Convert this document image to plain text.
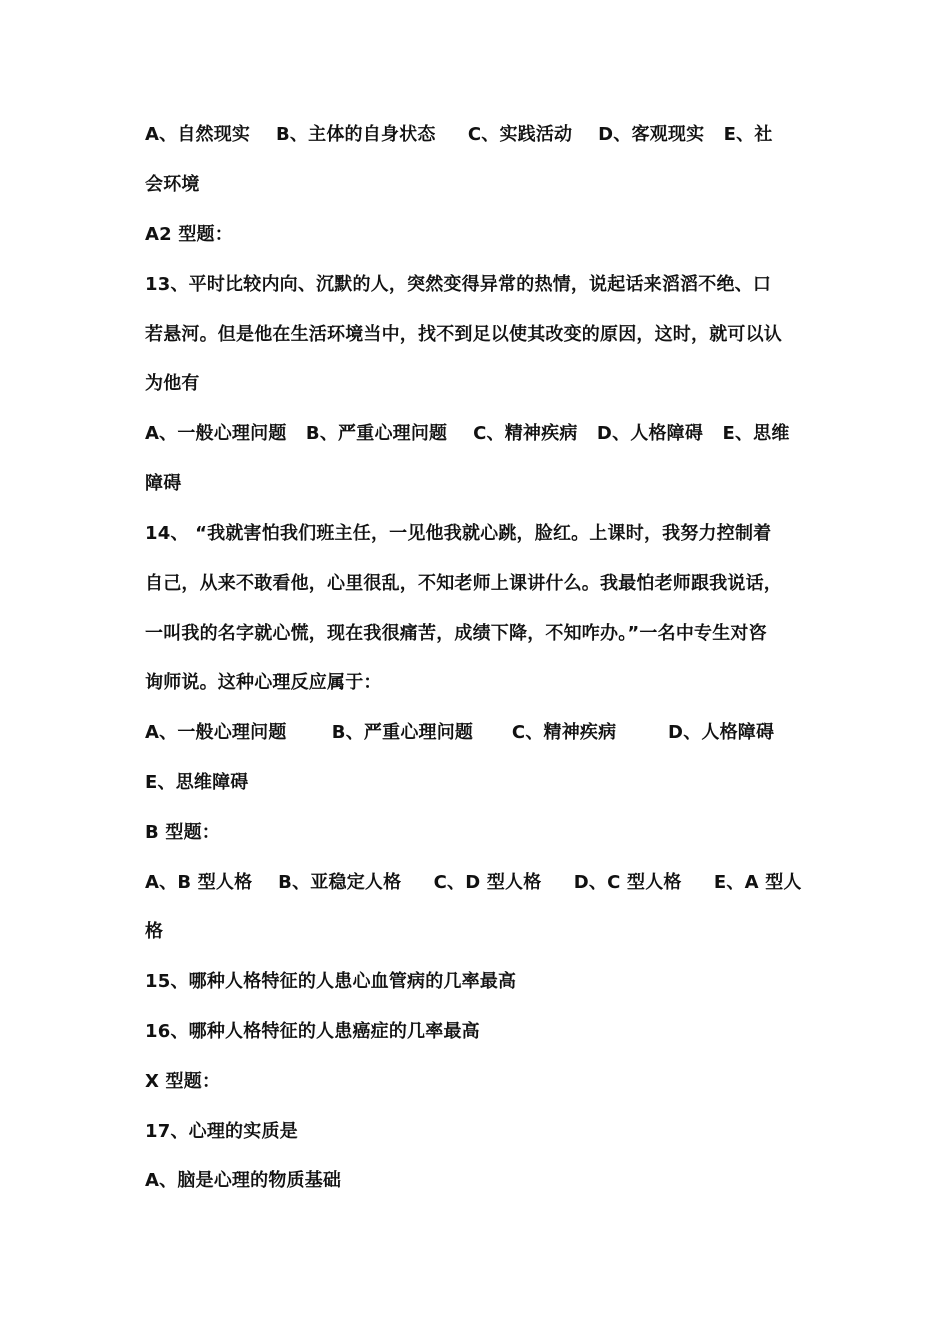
A、自然现实    B、主体的自身状态     C、实践活动    D、客观现实   E、社
会环境
A2 型题：
13、平时比较内向、沉默的人，突然变得异常的热情，说起话来滔滔不绝、口
若悬河。但是他在生活环境当中，找不到足以使其改变的原因，这时，就可以认
为他有
A、一般心理问题   B、严重心理问题    C、精神疾病   D、人格障碍   E、思维
障碍
14、 “我就害怕我们班主任，一见他我就心跳，脸红。上课时，我努力控制着
自己，从来不敢看他，心里很乱，不知老师上课讲什么。我最怕老师跟我说话，
一叫我的名字就心慌，现在我很痛苦，成绩下降，不知咋办。”一名中专生对咨
询师说。这种心理反应属于：
A、一般心理问题       B、严重心理问题      C、精神疾病        D、人格障碍
E、思维障碍
B 型题：
A、B 型人格    B、亚稳定人格     C、D 型人格     D、C 型人格     E、A 型人
格
15、哪种人格特征的人患心血管病的几率最高
16、哪种人格特征的人患癌症的几率最高
X 型题：
17、心理的实质是
A、脑是心理的物质基础
